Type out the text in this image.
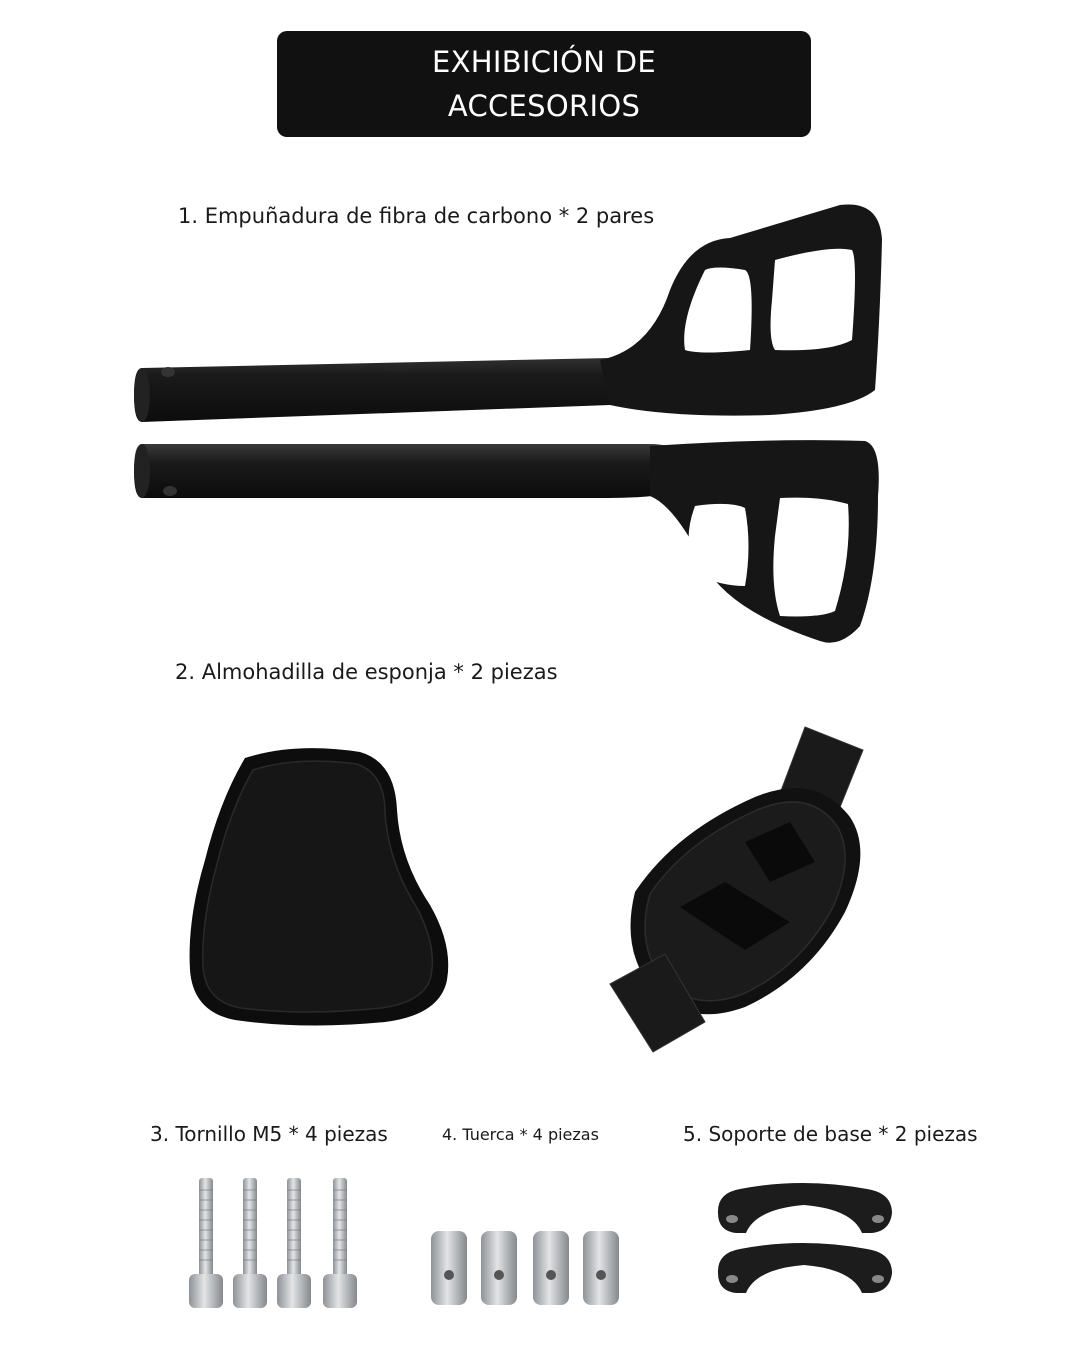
EXHIBICIÓN DE
ACCESORIOS
1. Empuñadura de fibra de carbono * 2 pares
//////////
2. Almohadilla de esponja * 2 piezas
3. Tornillo M5 * 4 piezas	4. Tuerca * 4 piezas	5. Soporte de base * 2 piezas
